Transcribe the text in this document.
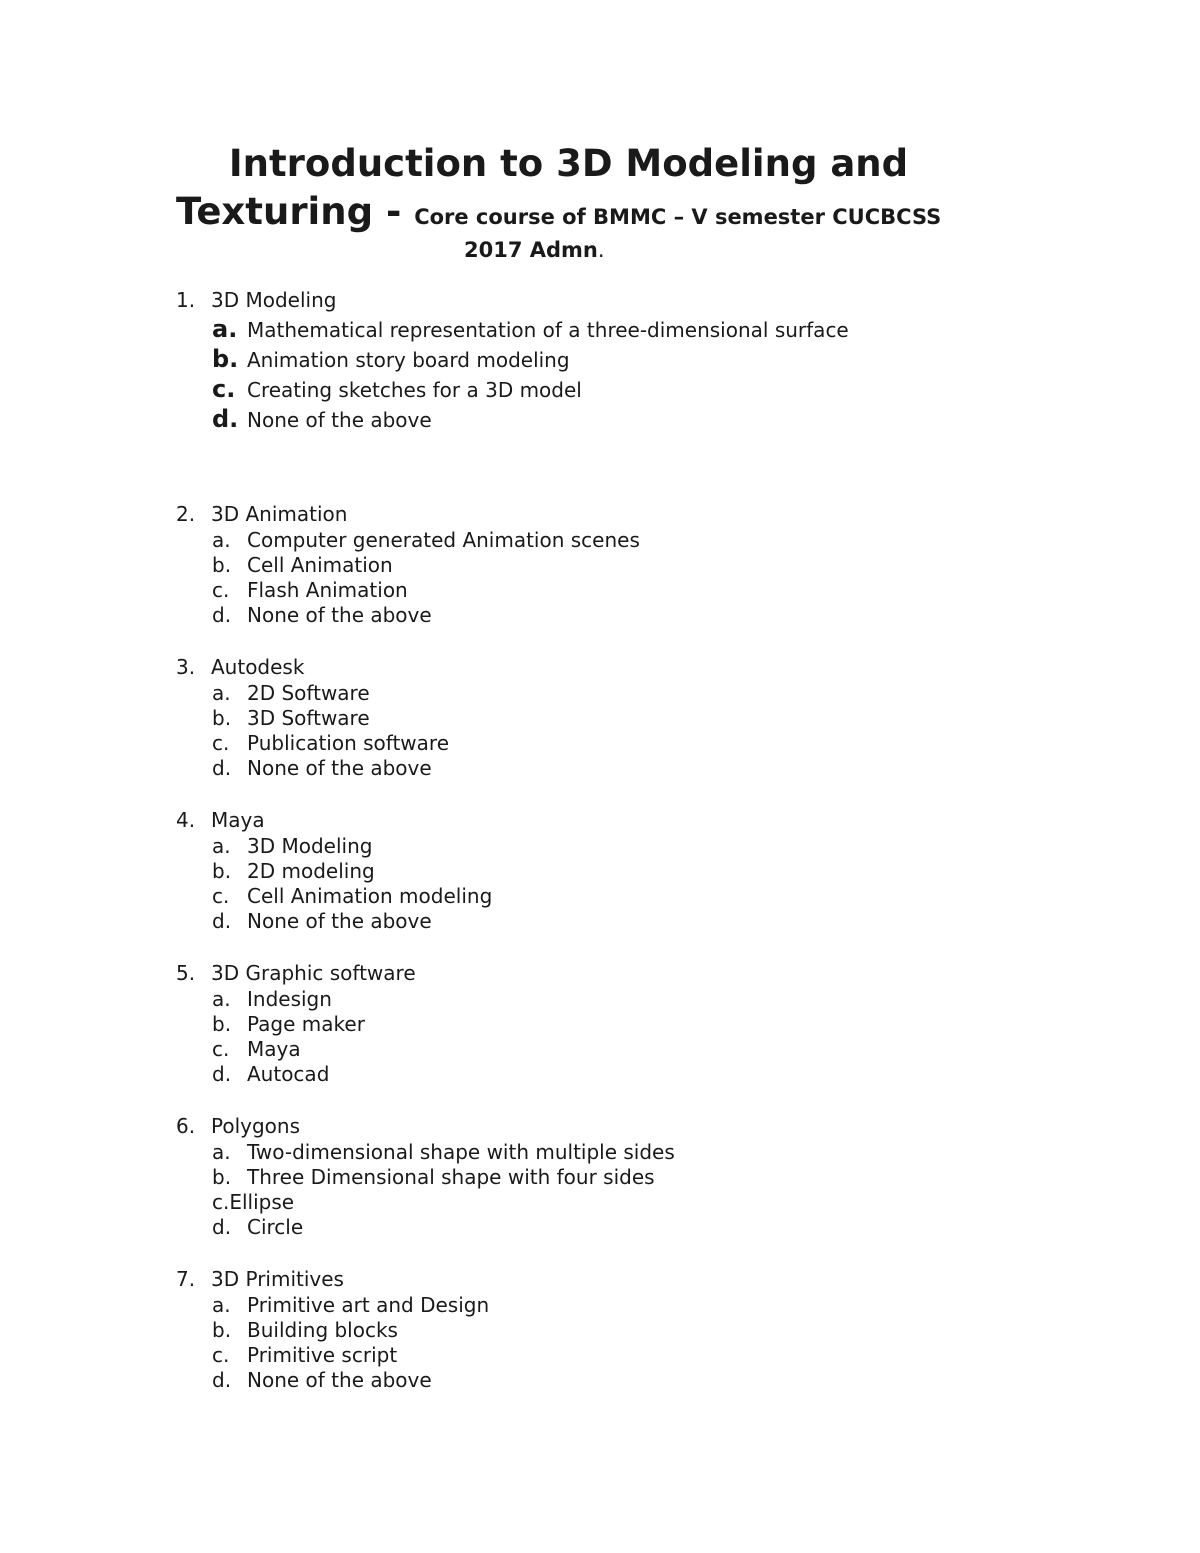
Introduction to 3D Modeling and
Texturing - Core course of BMMC – V semester CUCBCSS
2017 Admn.
1. 3D Modeling
a. Mathematical representation of a three-dimensional surface
b. Animation story board modeling
c. Creating sketches for a 3D model
d. None of the above
2. 3D Animation
a. Computer generated Animation scenes
b. Cell Animation
c. Flash Animation
d. None of the above
3. Autodesk
a. 2D Software
b. 3D Software
c. Publication software
d. None of the above
4. Maya
a. 3D Modeling
b. 2D modeling
c. Cell Animation modeling
d. None of the above
5. 3D Graphic software
a. Indesign
b. Page maker
c. Maya
d. Autocad
6. Polygons
a. Two-dimensional shape with multiple sides
b. Three Dimensional shape with four sides
c. Ellipse
d. Circle
7. 3D Primitives
a. Primitive art and Design
b. Building blocks
c. Primitive script
d. None of the above
